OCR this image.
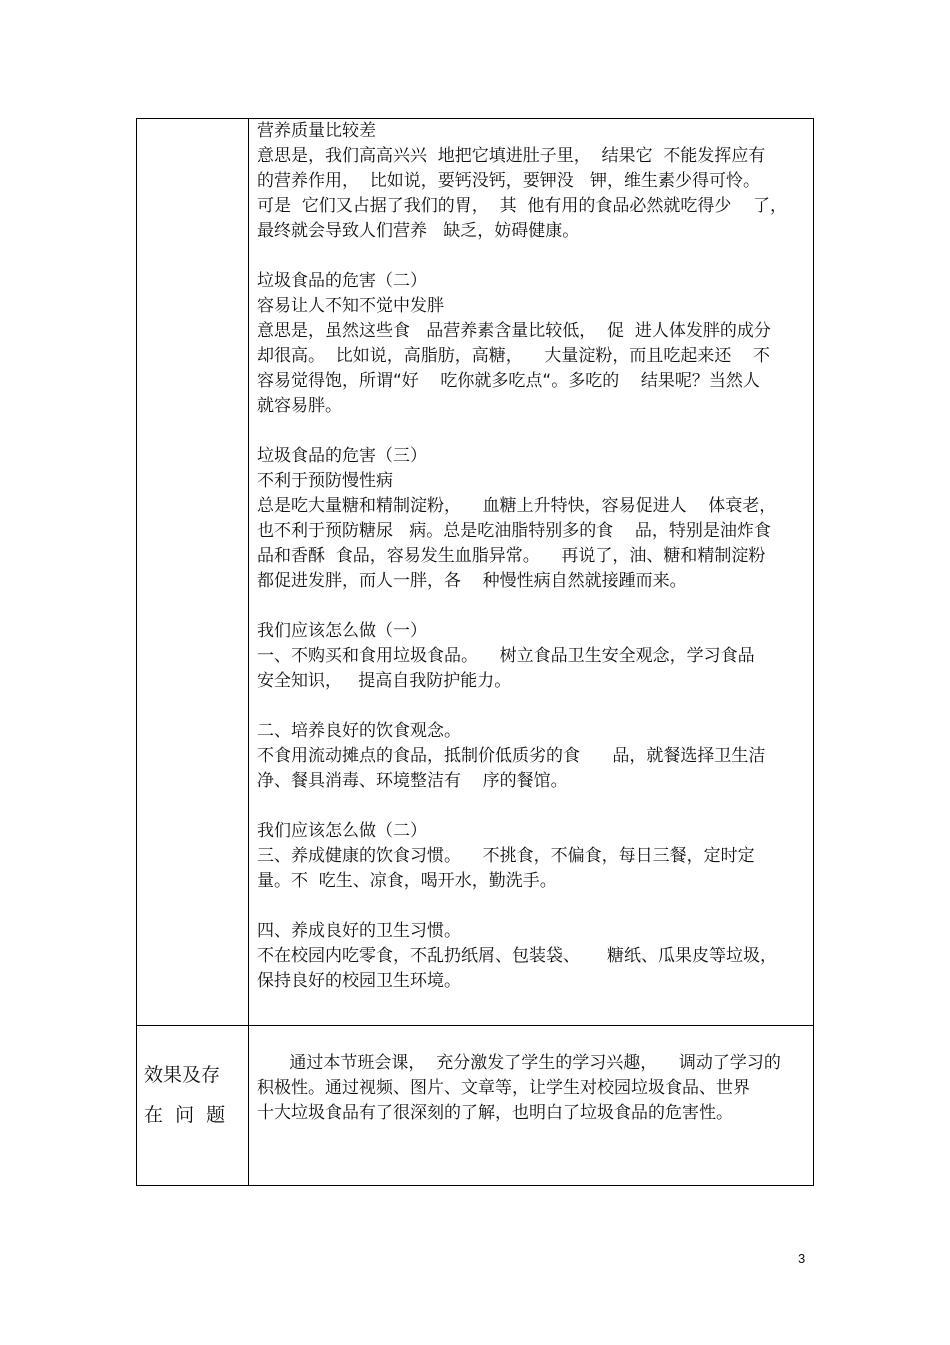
营养质量比较差
意思是，我们高高兴兴  地把它填进肚子里，  结果它  不能发挥应有
的营养作用，  比如说，要钙没钙，要钾没   钾，维生素少得可怜。
可是  它们又占据了我们的胃，  其  他有用的食品必然就吃得少    了，
最终就会导致人们营养   缺乏，妨碍健康。
垃圾食品的危害（二）
容易让人不知不觉中发胖
意思是，虽然这些食   品营养素含量比较低，  促  进人体发胖的成分
却很高。  比如说，高脂肪，高糖，    大量淀粉，而且吃起来还    不
容易觉得饱，所谓“好    吃你就多吃点“。多吃的    结果呢？当然人
就容易胖。
垃圾食品的危害（三）
不利于预防慢性病
总是吃大量糖和精制淀粉，    血糖上升特快，容易促进人    体衰老，
也不利于预防糖尿   病。总是吃油脂特别多的食    品，特别是油炸食
品和香酥  食品，容易发生血脂异常。    再说了，油、糖和精制淀粉
都促进发胖，而人一胖，各    种慢性病自然就接踵而来。
我们应该怎么做（一）
一、不购买和食用垃圾食品。    树立食品卫生安全观念，学习食品
安全知识，   提高自我防护能力。
二、培养良好的饮食观念。
不食用流动摊点的食品，抵制价低质劣的食      品，就餐选择卫生洁
净、餐具消毒、环境整洁有    序的餐馆。
我们应该怎么做（二）
三、养成健康的饮食习惯。    不挑食，不偏食，每日三餐，定时定
量。不  吃生、凉食，喝开水，勤洗手。
四、养成良好的卫生习惯。
不在校园内吃零食，不乱扔纸屑、包装袋、     糖纸、瓜果皮等垃圾，
保持良好的校园卫生环境。
效果及存
在  问  题
通过本节班会课，  充分激发了学生的学习兴趣，    调动了学习的
积极性。通过视频、图片、文章等，让学生对校园垃圾食品、世界
十大垃圾食品有了很深刻的了解，也明白了垃圾食品的危害性。
3
